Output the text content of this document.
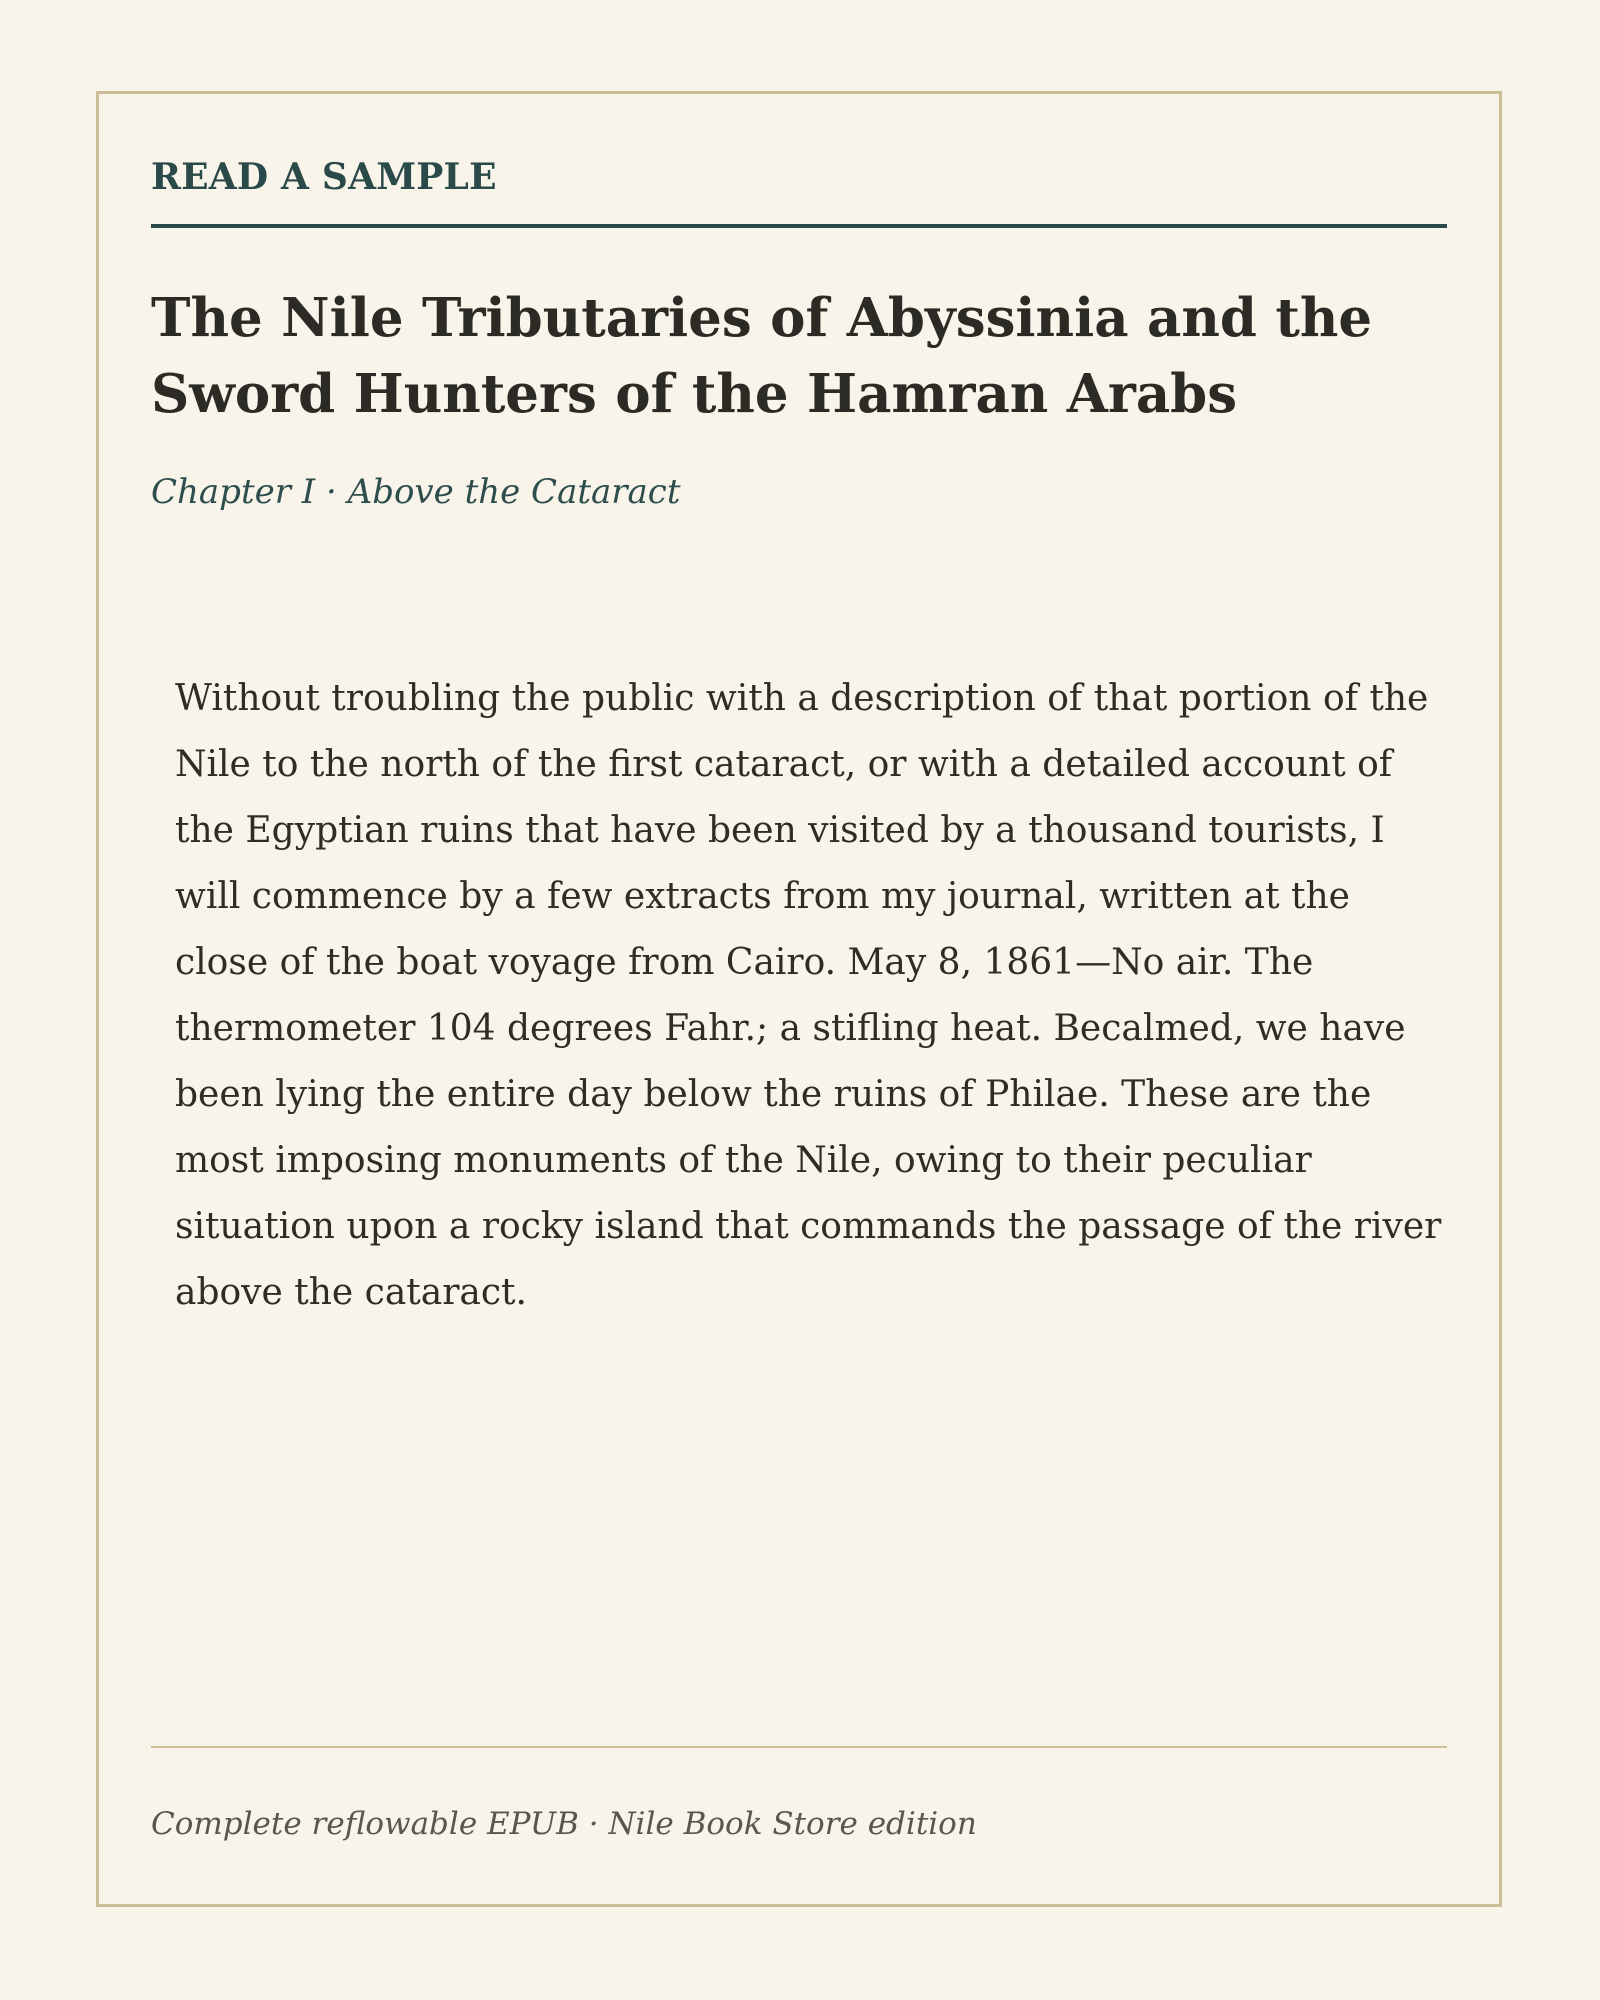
READ A SAMPLE
The Nile Tributaries of Abyssinia and the Sword Hunters of the Hamran Arabs

Chapter I · Above the Cataract

Without troubling the public with a description of that portion of the
Nile to the north of the first cataract, or with a detailed account of
the Egyptian ruins that have been visited by a thousand tourists, I
will commence by a few extracts from my journal, written at the
close of the boat voyage from Cairo. May 8, 1861—No air. The
thermometer 104 degrees Fahr.; a stifling heat. Becalmed, we have
been lying the entire day below the ruins of Philae. These are the
most imposing monuments of the Nile, owing to their peculiar
situation upon a rocky island that commands the passage of the river
above the cataract.

Complete reflowable EPUB · Nile Book Store edition
